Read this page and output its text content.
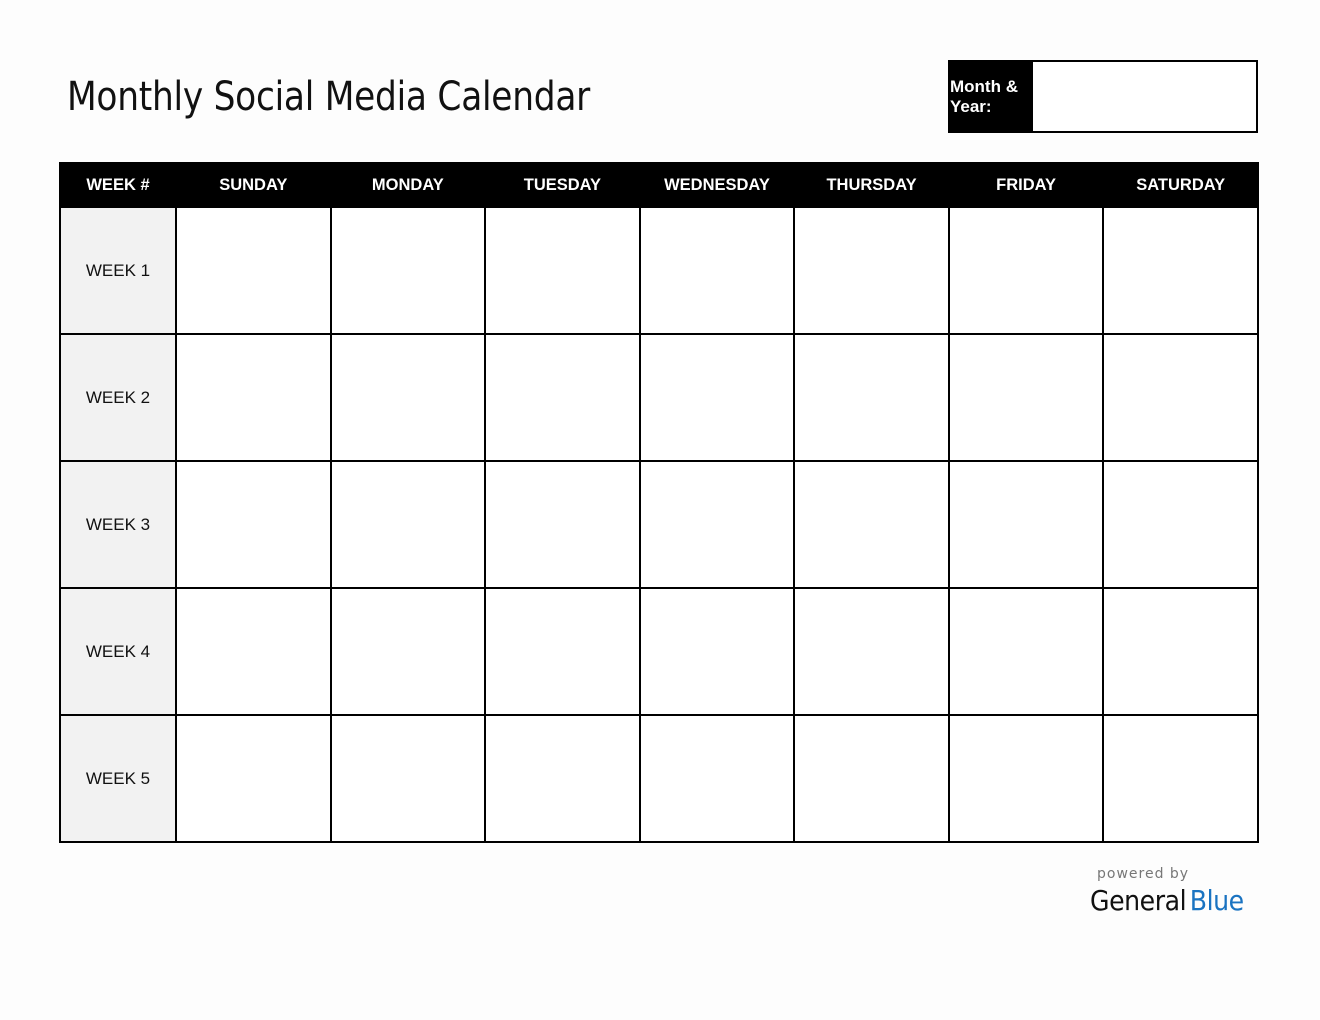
Monthly Social Media Calendar	Month & Year:
WEEK #	SUNDAY	MONDAY	TUESDAY	WEDNESDAY	THURSDAY	FRIDAY	SATURDAY
WEEK 1							
WEEK 2							
WEEK 3							
WEEK 4							
WEEK 5							
powered by
General Blue
